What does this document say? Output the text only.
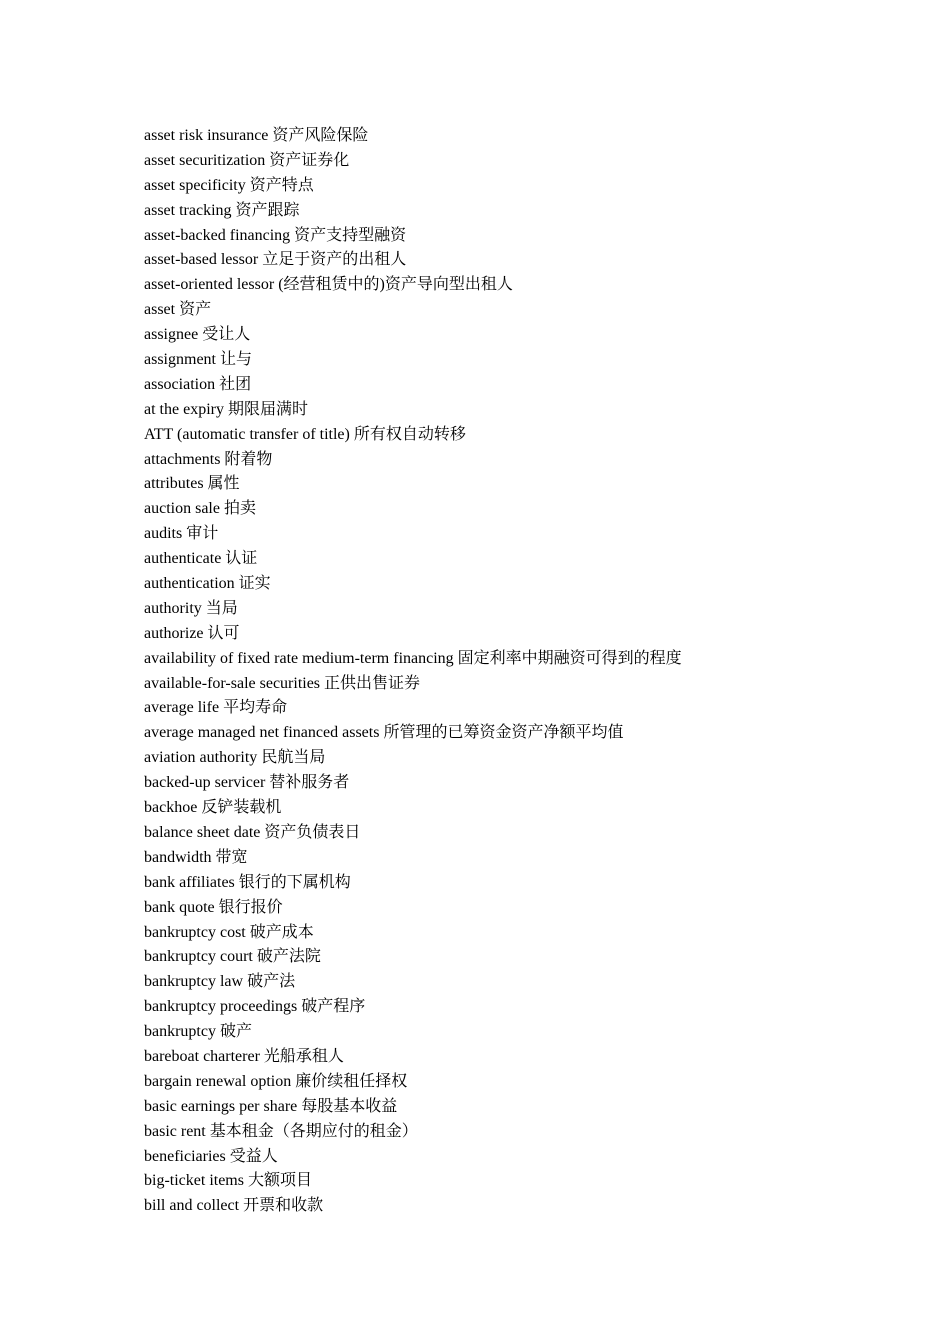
asset risk insurance 资产风险保险
asset securitization 资产证券化
asset specificity 资产特点
asset tracking 资产跟踪
asset-backed financing 资产支持型融资
asset-based lessor 立足于资产的出租人
asset-oriented lessor (经营租赁中的)资产导向型出租人
asset 资产
assignee 受让人
assignment 让与
association 社团
at the expiry 期限届满时
ATT (automatic transfer of title) 所有权自动转移
attachments 附着物
attributes 属性
auction sale 拍卖
audits 审计
authenticate 认证
authentication 证实
authority 当局
authorize 认可
availability of fixed rate medium-term financing 固定利率中期融资可得到的程度
available-for-sale securities 正供出售证券
average life 平均寿命
average managed net financed assets 所管理的已筹资金资产净额平均值
aviation authority 民航当局
backed-up servicer 替补服务者
backhoe 反铲装载机
balance sheet date 资产负债表日
bandwidth 带宽
bank affiliates 银行的下属机构
bank quote 银行报价
bankruptcy cost 破产成本
bankruptcy court 破产法院
bankruptcy law 破产法
bankruptcy proceedings 破产程序
bankruptcy 破产
bareboat charterer 光船承租人
bargain renewal option 廉价续租任择权
basic earnings per share 每股基本收益
basic rent 基本租金（各期应付的租金）
beneficiaries 受益人
big-ticket items 大额项目
bill and collect 开票和收款
